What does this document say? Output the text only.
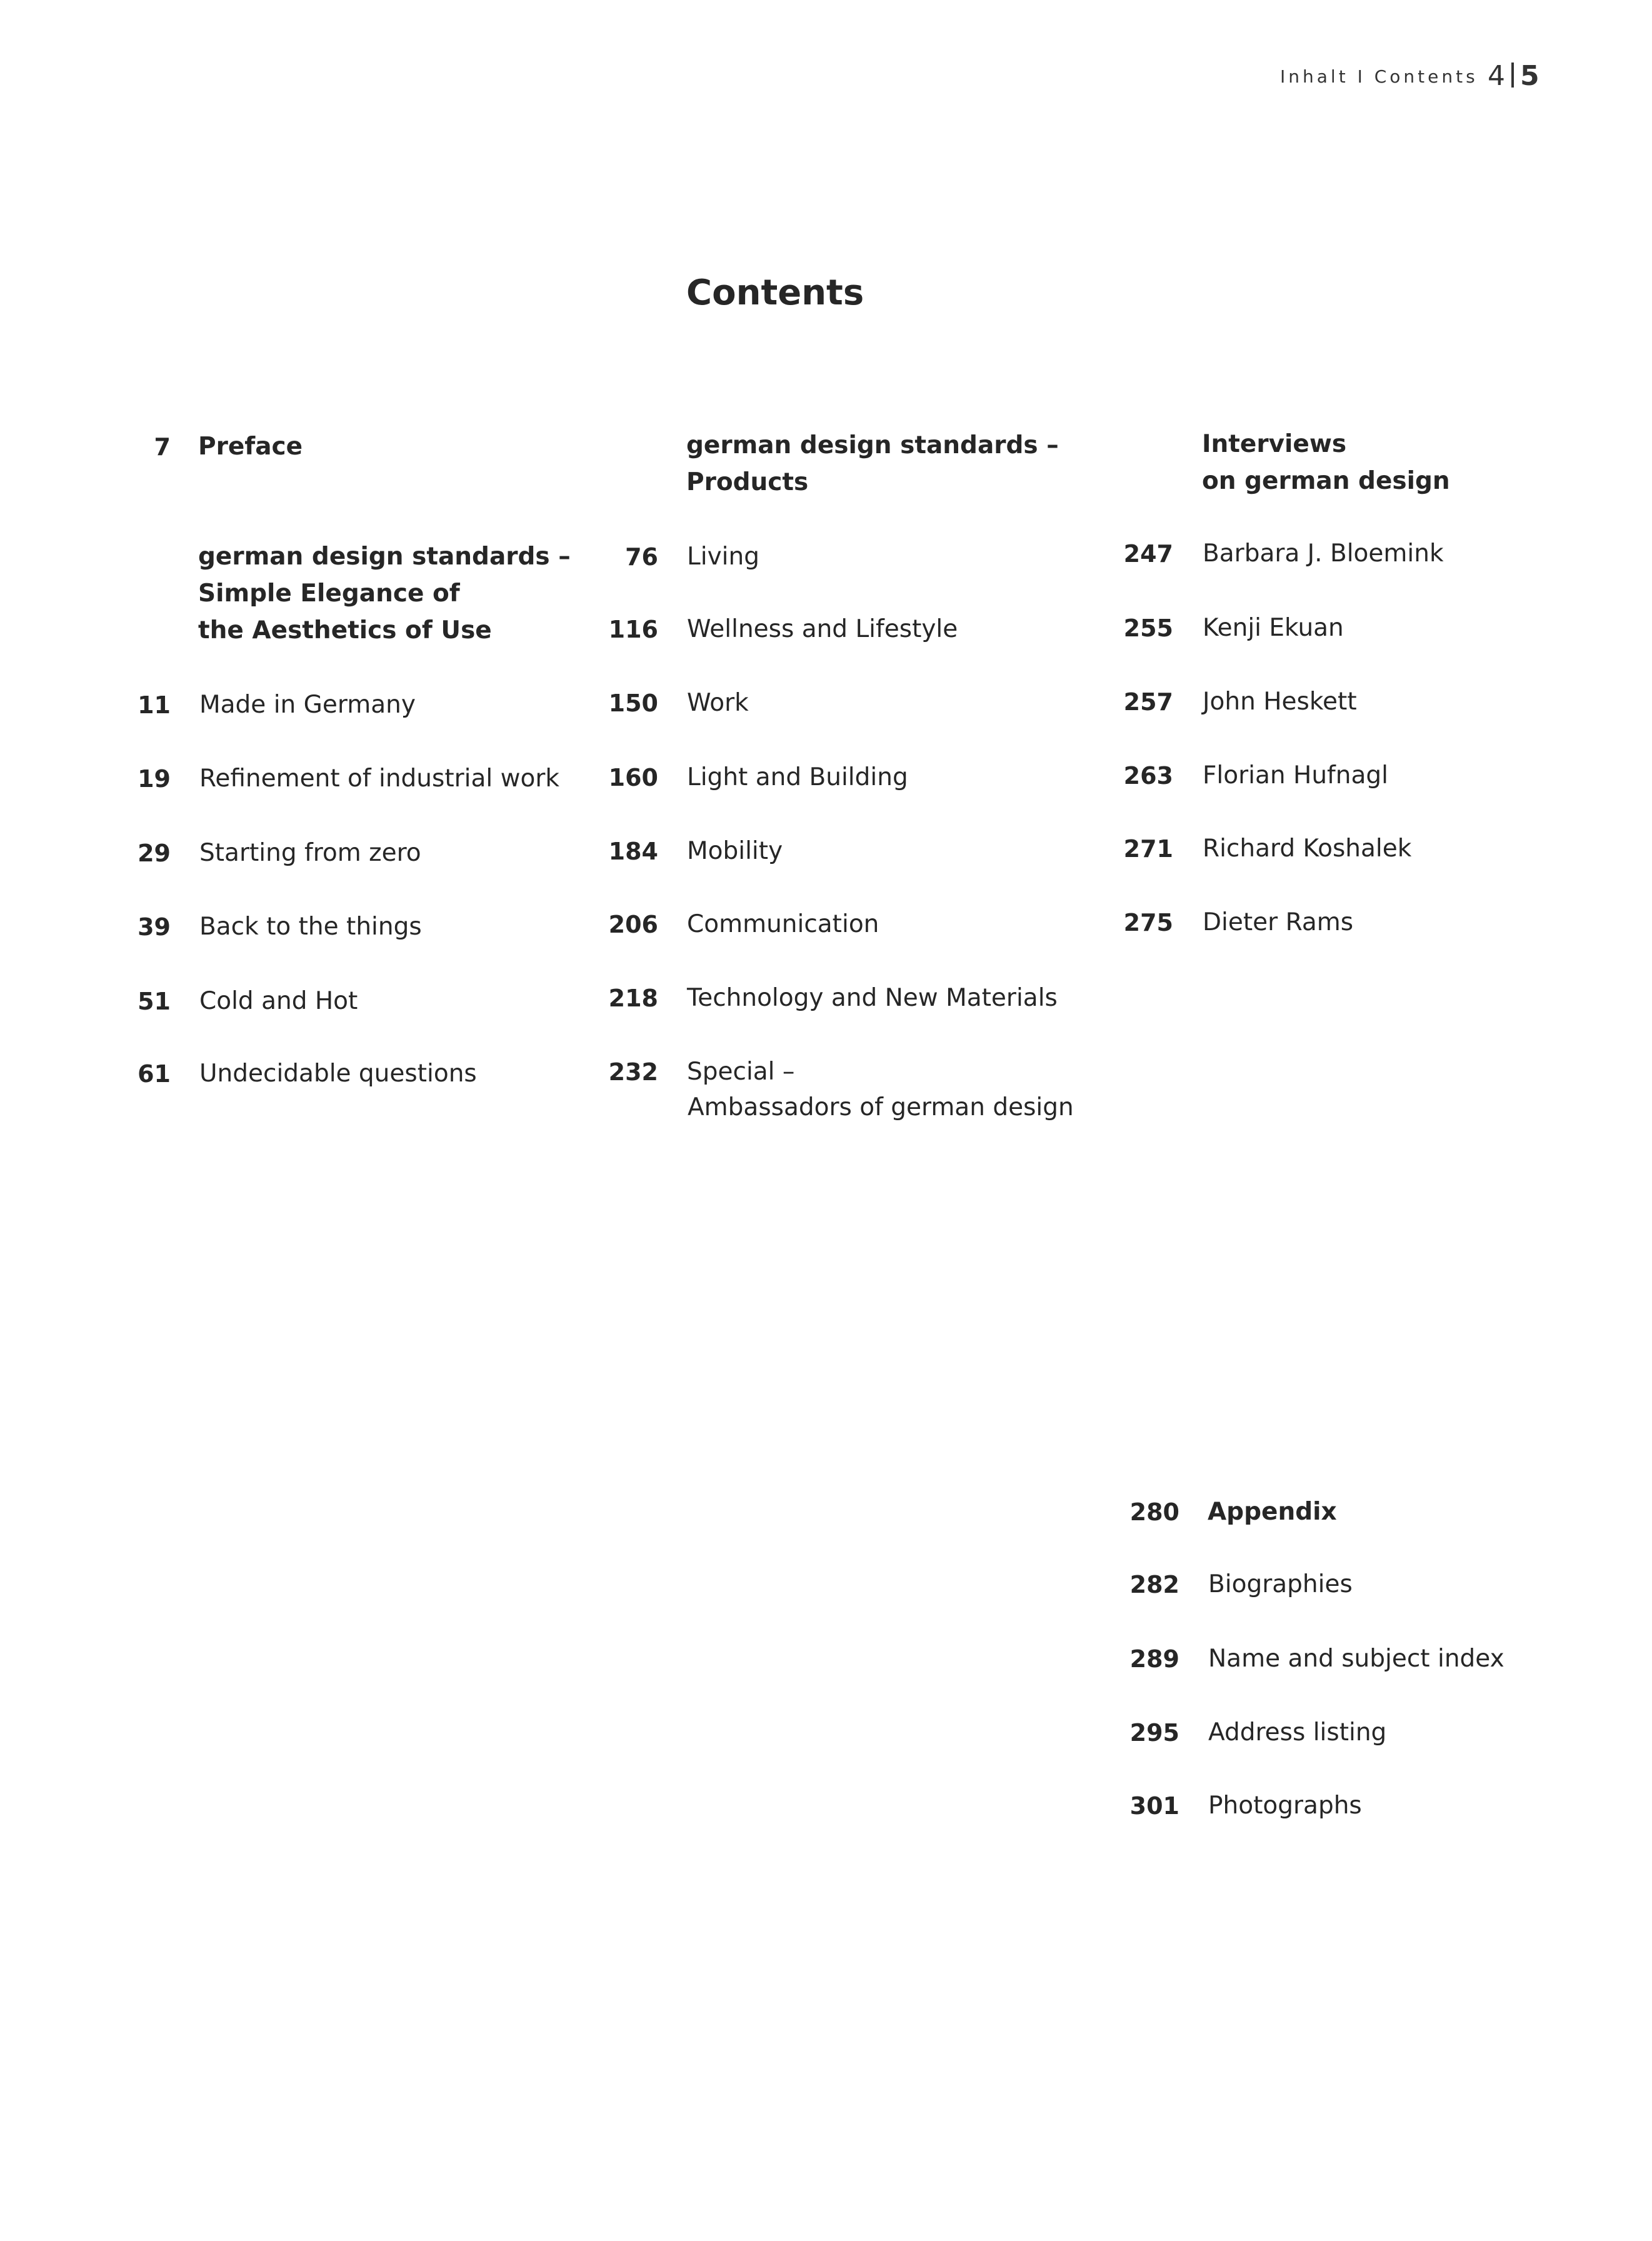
Inhalt I Contents 4 5
Contents
7 Preface
german design standards –
Simple Elegance of
the Aesthetics of Use
german design standards –
Products
Ambassadors of german design
Interviews
on german design
280 Appendix
11 Made in Germany
19 Refinement of industrial work
29 Starting from zero
39 Back to the things
51 Cold and Hot
61 Undecidable questions
76 Living
116 Wellness and Lifestyle
150 Work
160 Light and Building
184 Mobility
206 Communication
218 Technology and New Materials
232 Special –
247 Barbara J. Bloemink
255 Kenji Ekuan
257 John Heskett
263 Florian Hufnagl
271 Richard Koshalek
275 Dieter Rams
282 Biographies
289 Name and subject index
295 Address listing
301 Photographs
